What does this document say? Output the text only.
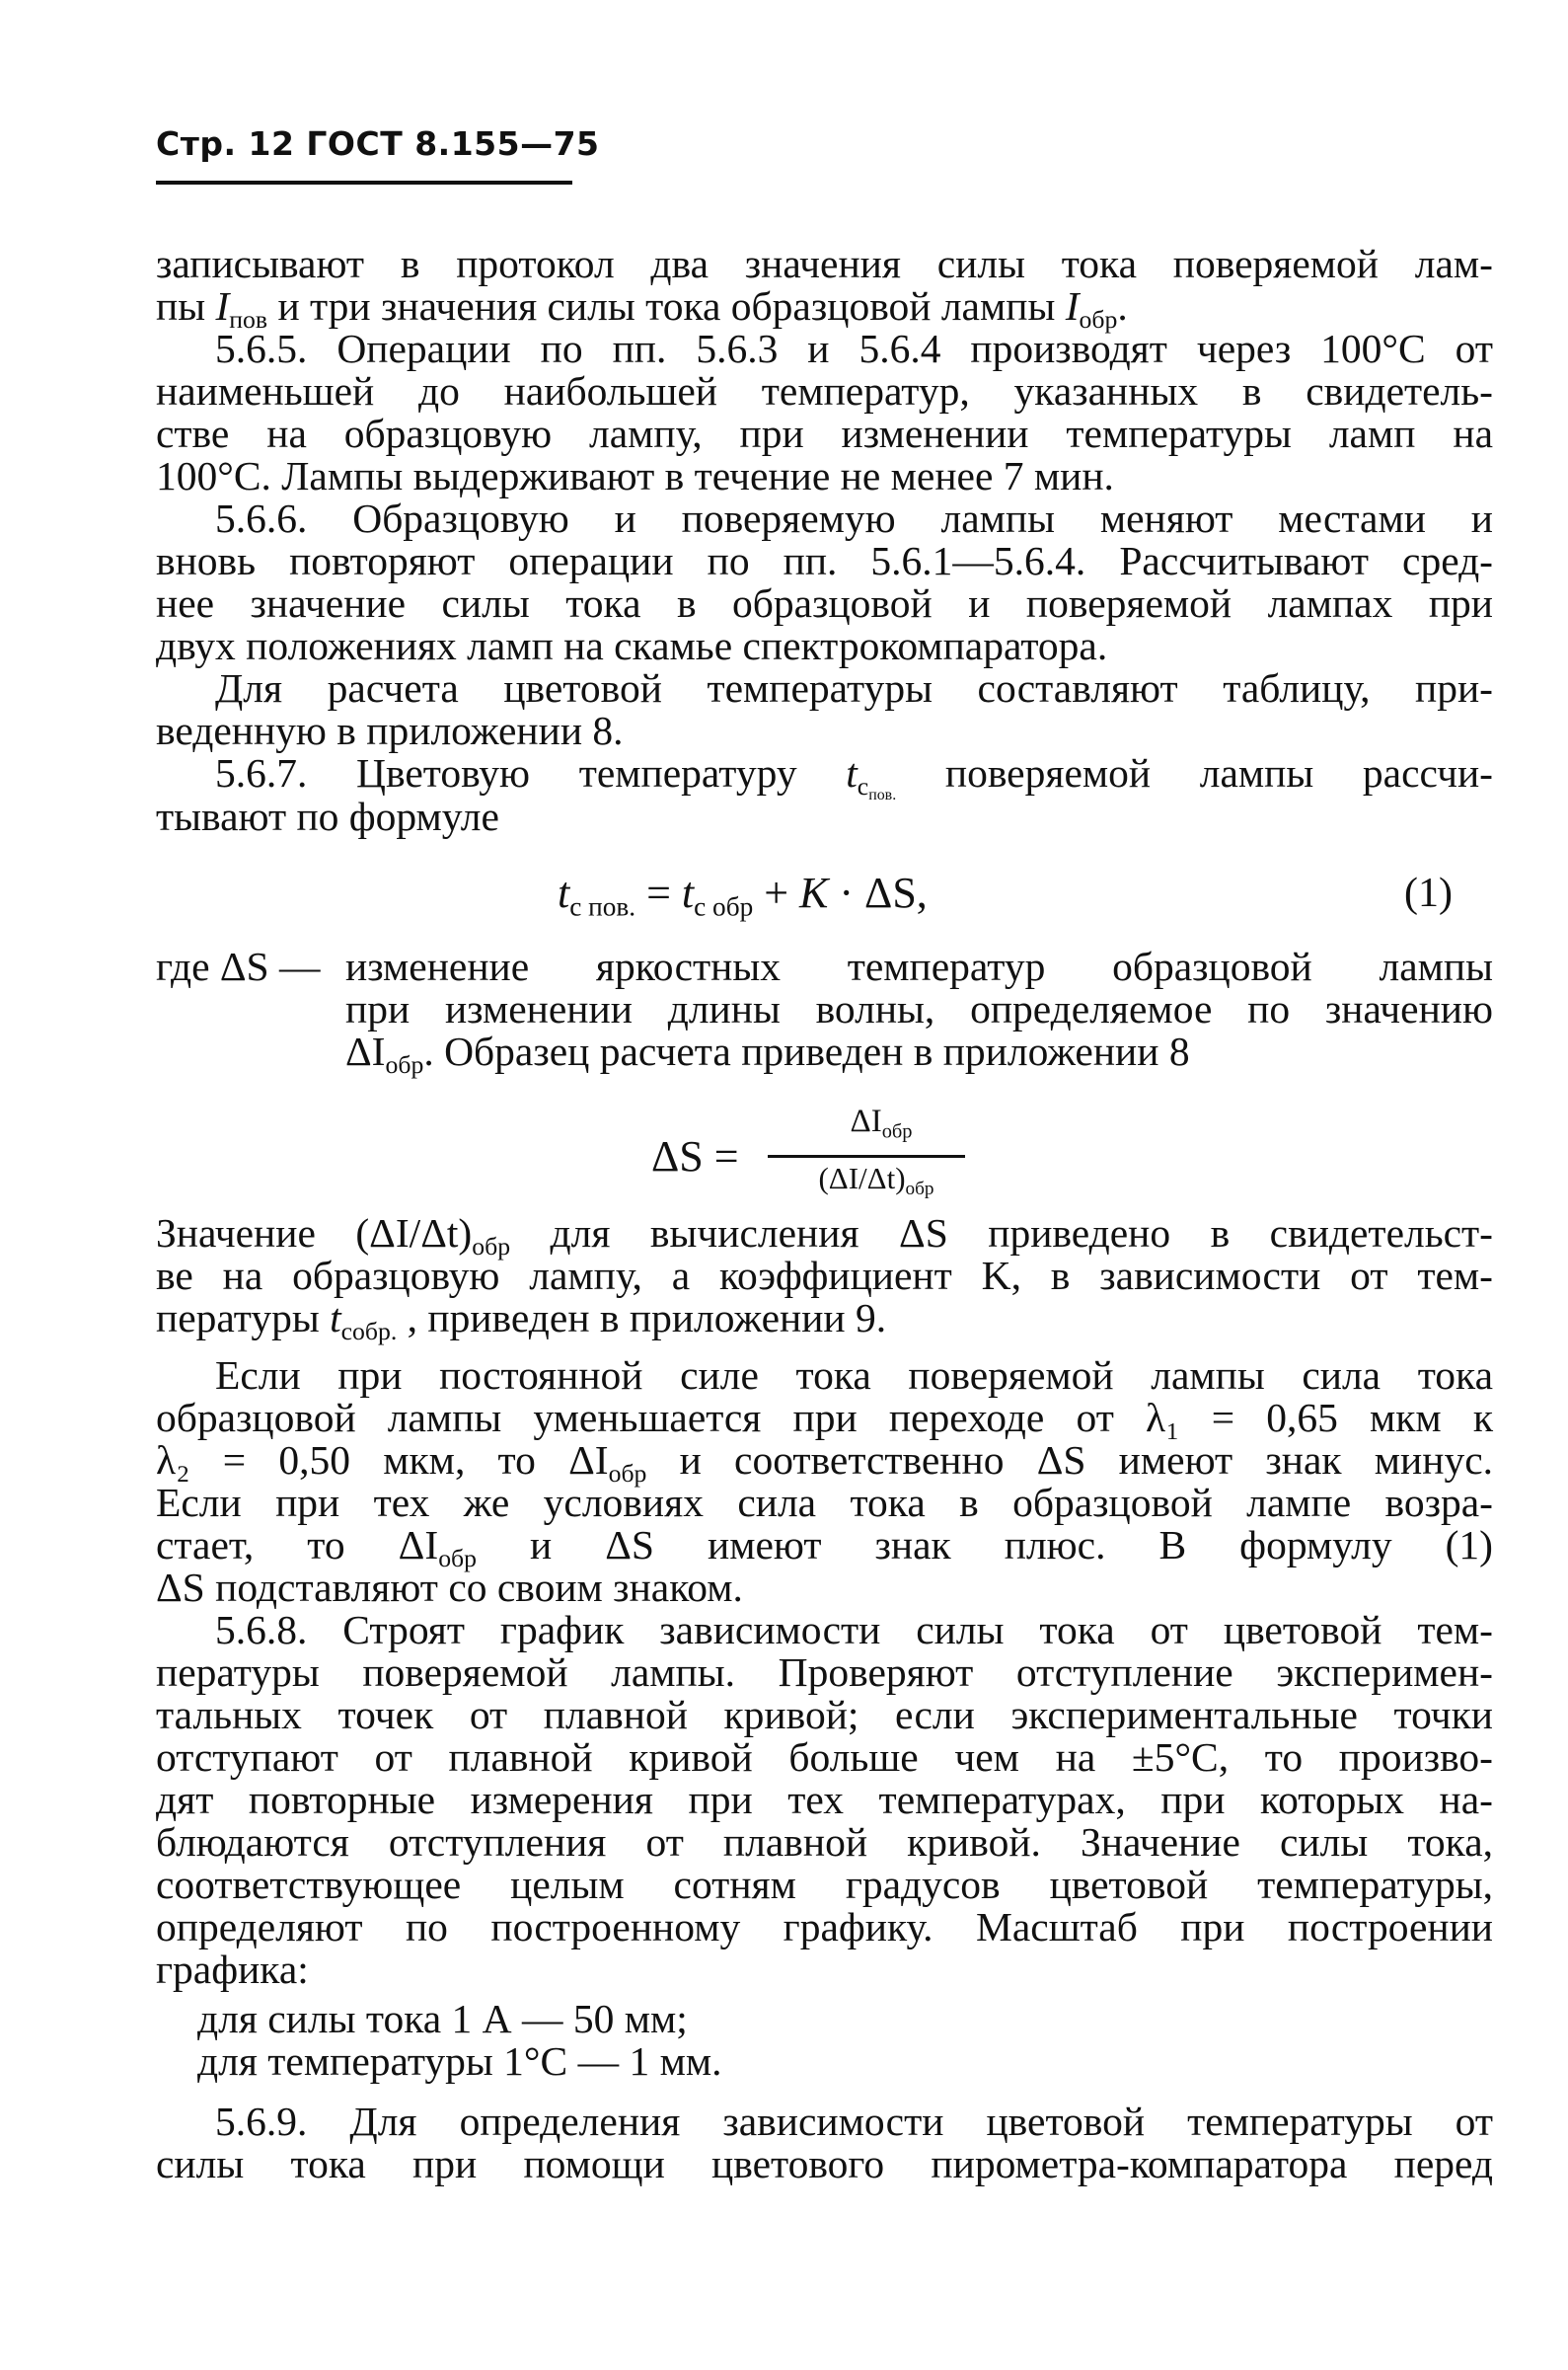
Стр. 12 ГОСТ 8.155—75
записывают в протокол два значения силы тока поверяемой лам-
пы $I_{пов}$ и три значения силы тока образцовой лампы $I_{обр}$.
5.6.5. Операции по пп. 5.6.3 и 5.6.4 производят через 100°С от
наименьшей до наибольшей температур, указанных в свидетель-
стве на образцовую лампу, при изменении температуры ламп на
100°С. Лампы выдерживают в течение не менее 7 мин.
5.6.6. Образцовую и поверяемую лампы меняют местами и
вновь повторяют операции по пп. 5.6.1—5.6.4. Рассчитывают сред-
нее значение силы тока в образцовой и поверяемой лампах при
двух положениях ламп на скамье спектрокомпаратора.
Для расчета цветовой температуры составляют таблицу, при-
веденную в приложении 8.
5.6.7. Цветовую температуру $t_{c_{пов.}}$ поверяемой лампы рассчи-
тывают по формуле
$t_{c пов.} = t_{c обр} + K \cdot \Delta S$,	(1)
где ΔS — изменение яркостных температур образцовой лампы
при изменении длины волны, определяемое по значению
$\Delta I_{обр}$. Образец расчета приведен в приложении 8
ΔS =
$\Delta I_{обр}$
$(\Delta I/\Delta t)_{обр}$
Значение $(\Delta I/\Delta t)_{обр}$ для вычисления ΔS приведено в свидетельст-
ве на образцовую лампу, а коэффициент K, в зависимости от тем-
пературы $t_{cобр.}$ , приведен в приложении 9.
Если при постоянной силе тока поверяемой лампы сила тока
образцовой лампы уменьшается при переходе от λ₁ = 0,65 мкм к
λ₂ = 0,50 мкм, то $\Delta I_{обр}$ и соответственно ΔS имеют знак минус.
Если при тех же условиях сила тока в образцовой лампе возра-
стает, то $\Delta I_{обр}$ и ΔS имеют знак плюс. В формулу (1)
ΔS подставляют со своим знаком.
5.6.8. Строят график зависимости силы тока от цветовой тем-
пературы поверяемой лампы. Проверяют отступление эксперимен-
тальных точек от плавной кривой; если экспериментальные точки
отступают от плавной кривой больше чем на ±5°С, то произво-
дят повторные измерения при тех температурах, при которых на-
блюдаются отступления от плавной кривой. Значение силы тока,
соответствующее целым сотням градусов цветовой температуры,
определяют по построенному графику. Масштаб при построении
графика:
для силы тока 1 А — 50 мм;
для температуры 1°С — 1 мм.
5.6.9. Для определения зависимости цветовой температуры от
силы тока при помощи цветового пирометра-компаратора перед
